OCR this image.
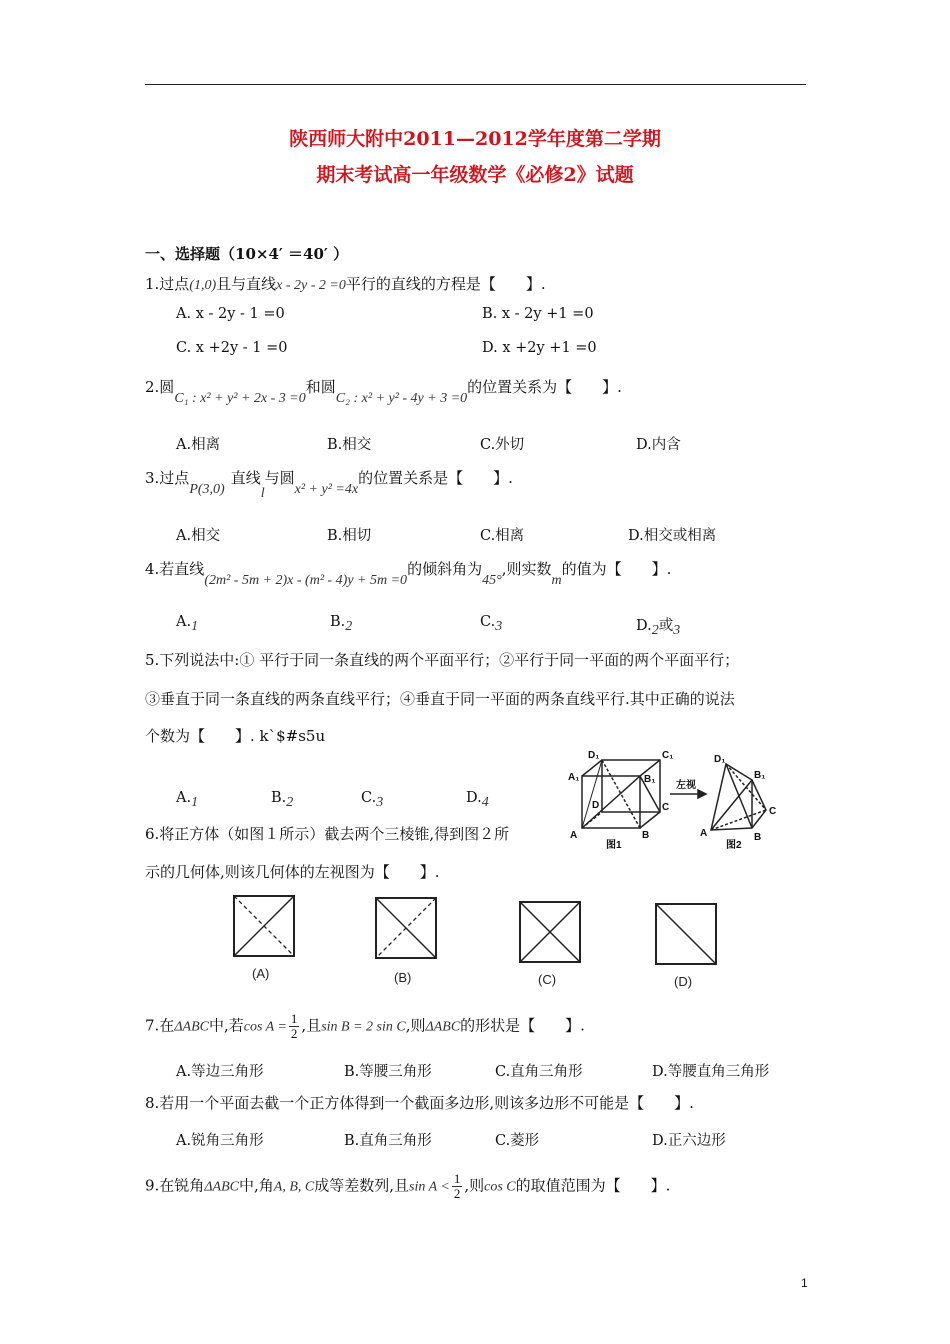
陕西师大附中2011—2012学年度第二学期
期末考试高一年级数学《必修2》试题
一、选择题（10×4′ ＝40′ ）
1.过点(1,0)且与直线x - 2y - 2 =0平行的直线的方程是【　　】.
A. x - 2y - 1 =0	B. x - 2y +1 =0
C. x +2y - 1 =0	D. x +2y +1 =0
2.圆C₁ : x² + y² + 2x - 3 =0和圆C₂ : x² + y² - 4y + 3 =0的位置关系为【　　】.
A.相离	B.相交	C.外切	D.内含
3.过点P(3,0)直线l与圆x² + y² =4x的位置关系是【　　】.
A.相交	B.相切	C.相离	D.相交或相离
4.若直线(2m² - 5m + 2)x - (m² - 4)y + 5m =0的倾斜角为45°,则实数m的值为【　　】.
A.1	B.2	C.3	D.2或3
5.下列说法中:① 平行于同一条直线的两个平面平行；②平行于同一平面的两个平面平行；
③垂直于同一条直线的两条直线平行；④垂直于同一平面的两条直线平行.其中正确的说法
个数为【　　】. k`$#s5u
A.1	B.2	C.3	D.4
D₁	C₁
A₁	B₁
D	C
A	B
D₁
B₁
C
A	B
左视
图1	图2
6.将正方体（如图１所示）截去两个三棱锥,得到图２所
示的几何体,则该几何体的左视图为【　　】.
(A)	(B)	(C)	(D)
7.在ΔABC中,若$\cos A = \frac{1}{2}$ ,且sin B = 2 sin C,则ΔABC的形状是【　　】.
A.等边三角形	B.等腰三角形	C.直角三角形	D.等腰直角三角形
8.若用一个平面去截一个正方体得到一个截面多边形,则该多边形不可能是【　　】.
A.锐角三角形	B.直角三角形	C.菱形	D.正六边形
9.在锐角ΔABC中,角A, B, C成等差数列,且$\sin A < \frac{1}{2}$ ,则cos C的取值范围为【　　】.
1
